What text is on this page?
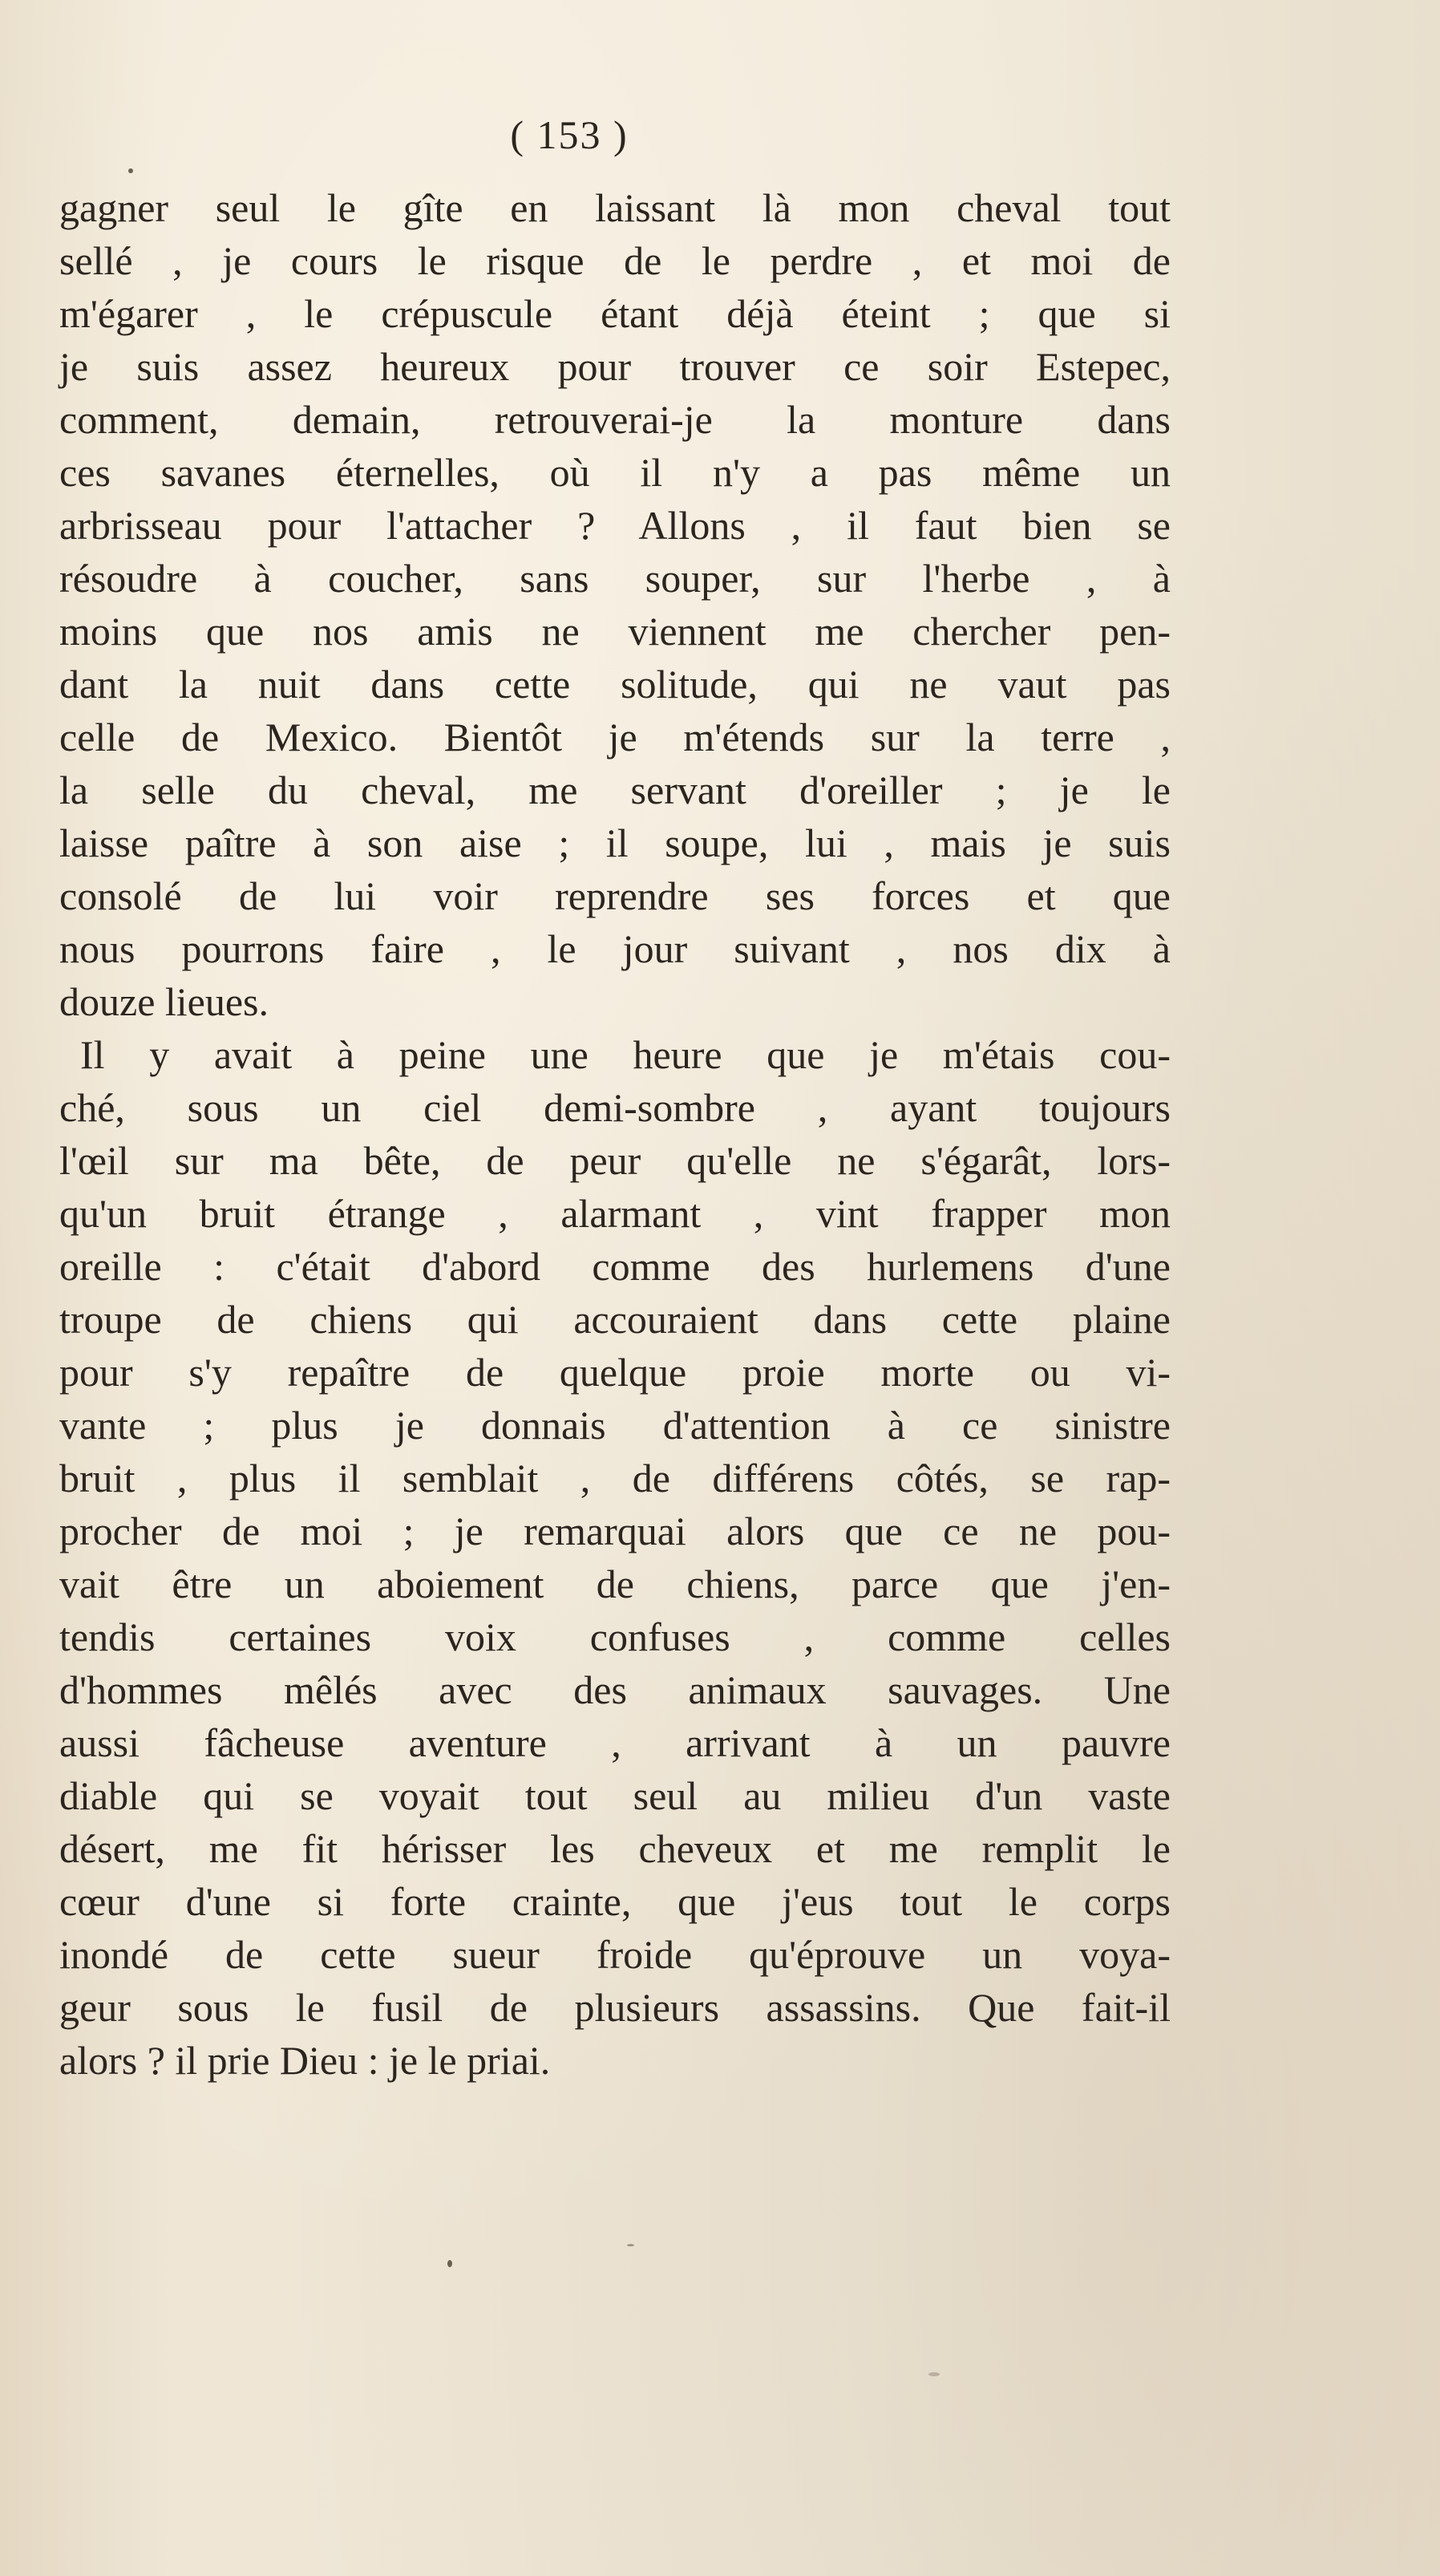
( 153 )
gagner seul le gîte en laissant là mon cheval tout
sellé , je cours le risque de le perdre , et moi de
m'égarer , le crépuscule étant déjà éteint ; que si
je suis assez heureux pour trouver ce soir Estepec,
comment, demain, retrouverai-je la monture dans
ces savanes éternelles, où il n'y a pas même un
arbrisseau pour l'attacher ? Allons , il faut bien se
résoudre à coucher, sans souper, sur l'herbe , à
moins que nos amis ne viennent me chercher pen-
dant la nuit dans cette solitude, qui ne vaut pas
celle de Mexico. Bientôt je m'étends sur la terre ,
la selle du cheval, me servant d'oreiller ; je le
laisse paître à son aise ; il soupe, lui , mais je suis
consolé de lui voir reprendre ses forces et que
nous pourrons faire , le jour suivant , nos dix à
douze lieues.
Il y avait à peine une heure que je m'étais cou-
ché, sous un ciel demi-sombre , ayant toujours
l'œil sur ma bête, de peur qu'elle ne s'égarât, lors-
qu'un bruit étrange , alarmant , vint frapper mon
oreille : c'était d'abord comme des hurlemens d'une
troupe de chiens qui accouraient dans cette plaine
pour s'y repaître de quelque proie morte ou vi-
vante ; plus je donnais d'attention à ce sinistre
bruit , plus il semblait , de différens côtés, se rap-
procher de moi ; je remarquai alors que ce ne pou-
vait être un aboiement de chiens, parce que j'en-
tendis certaines voix confuses , comme celles
d'hommes mêlés avec des animaux sauvages. Une
aussi fâcheuse aventure , arrivant à un pauvre
diable qui se voyait tout seul au milieu d'un vaste
désert, me fit hérisser les cheveux et me remplit le
cœur d'une si forte crainte, que j'eus tout le corps
inondé de cette sueur froide qu'éprouve un voya-
geur sous le fusil de plusieurs assassins. Que fait-il
alors ? il prie Dieu : je le priai.
